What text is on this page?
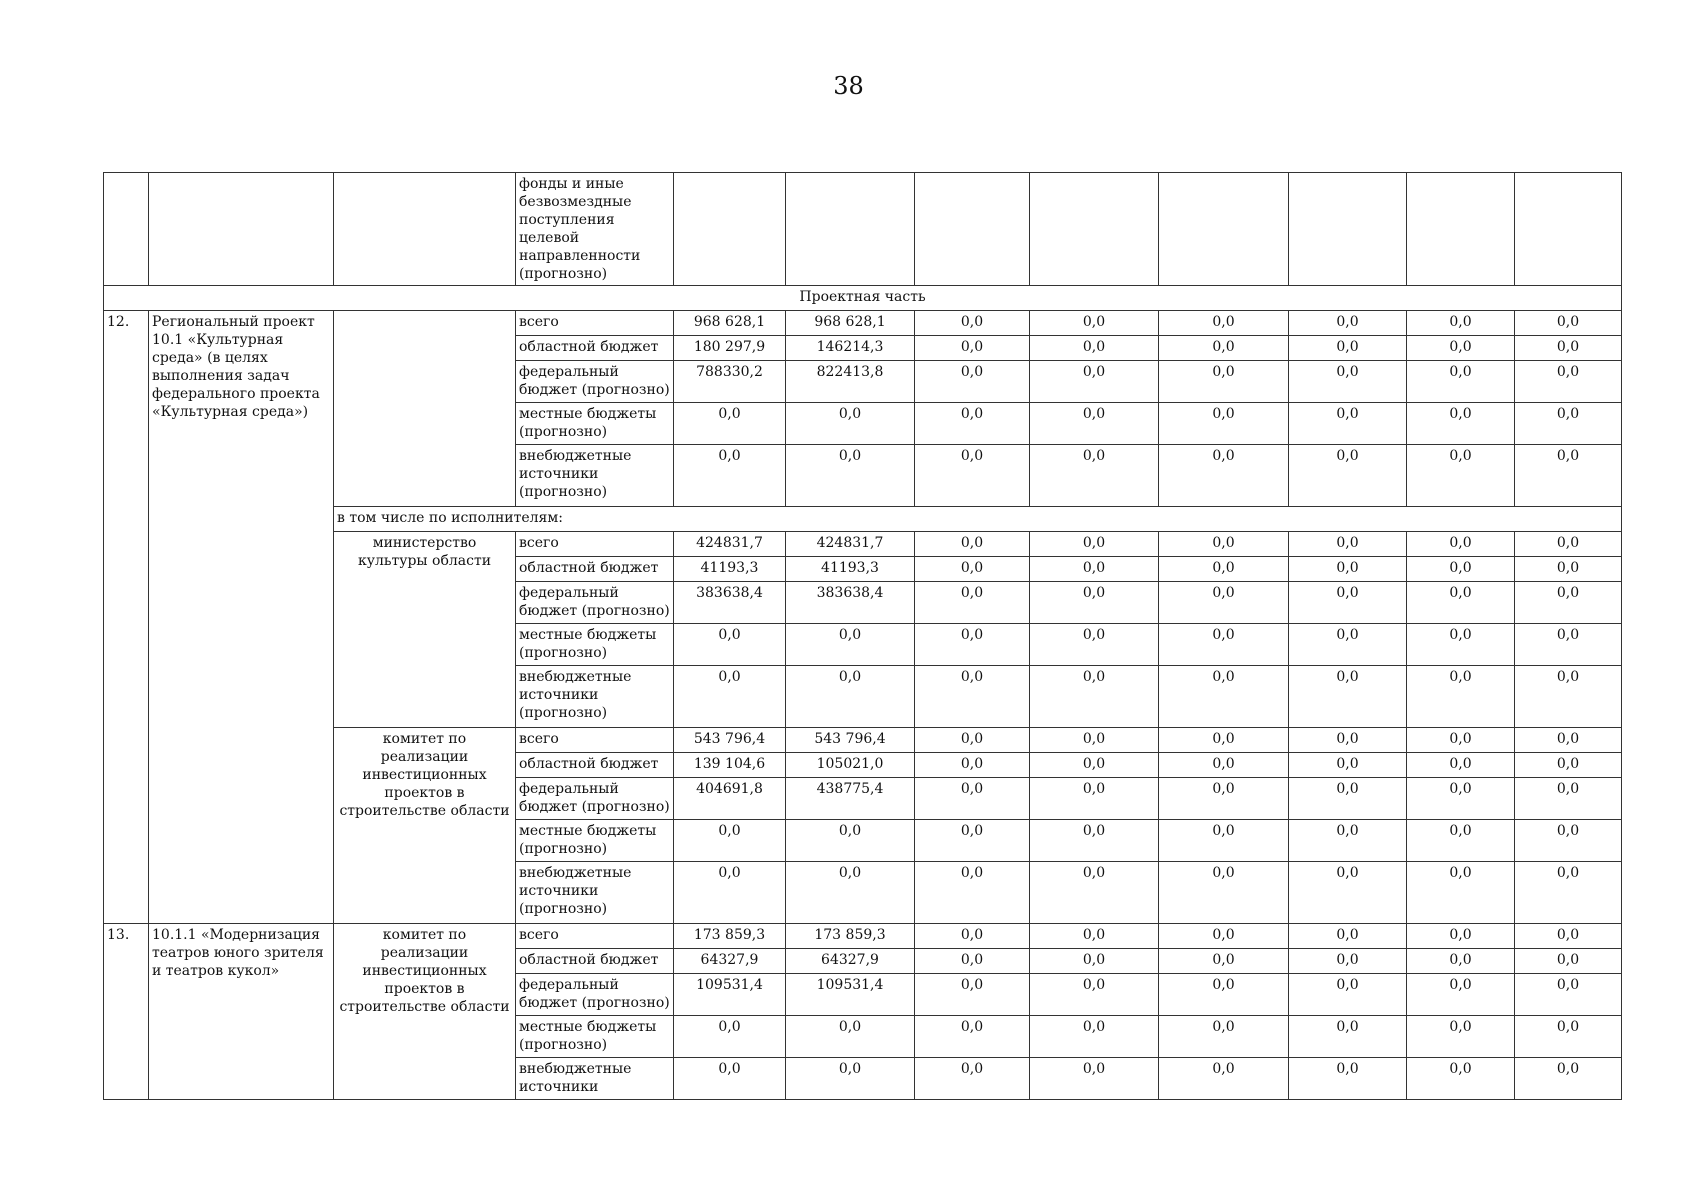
38
			фонды и иные безвозмездные поступления целевой направленности (прогнозно)								
Проектная часть											
12.	Региональный проект 10.1 «Культурная среда» (в целях выполнения задач федерального проекта «Культурная среда»)		всего	968 628,1	968 628,1	0,0	0,0	0,0	0,0	0,0	0,0
			областной бюджет	180 297,9	146214,3	0,0	0,0	0,0	0,0	0,0	0,0
			федеральный бюджет (прогнозно)	788330,2	822413,8	0,0	0,0	0,0	0,0	0,0	0,0
			местные бюджеты (прогнозно)	0,0	0,0	0,0	0,0	0,0	0,0	0,0	0,0
			внебюджетные источники (прогнозно)	0,0	0,0	0,0	0,0	0,0	0,0	0,0	0,0
		в том числе по исполнителям:									
		министерство культуры области	всего	424831,7	424831,7	0,0	0,0	0,0	0,0	0,0	0,0
			областной бюджет	41193,3	41193,3	0,0	0,0	0,0	0,0	0,0	0,0
			федеральный бюджет (прогнозно)	383638,4	383638,4	0,0	0,0	0,0	0,0	0,0	0,0
			местные бюджеты (прогнозно)	0,0	0,0	0,0	0,0	0,0	0,0	0,0	0,0
			внебюджетные источники (прогнозно)	0,0	0,0	0,0	0,0	0,0	0,0	0,0	0,0
		комитет по реализации инвестиционных проектов в строительстве области	всего	543 796,4	543 796,4	0,0	0,0	0,0	0,0	0,0	0,0
			областной бюджет	139 104,6	105021,0	0,0	0,0	0,0	0,0	0,0	0,0
			федеральный бюджет (прогнозно)	404691,8	438775,4	0,0	0,0	0,0	0,0	0,0	0,0
			местные бюджеты (прогнозно)	0,0	0,0	0,0	0,0	0,0	0,0	0,0	0,0
			внебюджетные источники (прогнозно)	0,0	0,0	0,0	0,0	0,0	0,0	0,0	0,0
13.	10.1.1 «Модернизация театров юного зрителя и театров кукол»	комитет по реализации инвестиционных проектов в строительстве области	всего	173 859,3	173 859,3	0,0	0,0	0,0	0,0	0,0	0,0
			областной бюджет	64327,9	64327,9	0,0	0,0	0,0	0,0	0,0	0,0
			федеральный бюджет (прогнозно)	109531,4	109531,4	0,0	0,0	0,0	0,0	0,0	0,0
			местные бюджеты (прогнозно)	0,0	0,0	0,0	0,0	0,0	0,0	0,0	0,0
			внебюджетные источники	0,0	0,0	0,0	0,0	0,0	0,0	0,0	0,0
